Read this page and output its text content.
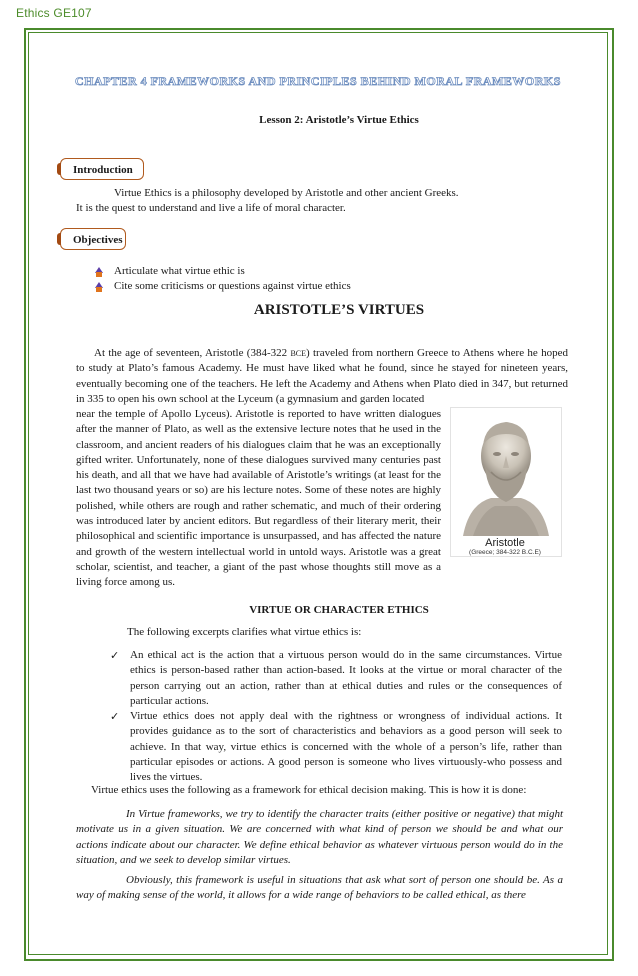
Ethics GE107
CHAPTER 4 FRAMEWORKS AND PRINCIPLES BEHIND MORAL FRAMEWORKS
Lesson 2: Aristotle’s Virtue Ethics
Introduction
Virtue Ethics is a philosophy developed by Aristotle and other ancient Greeks.
It is the quest to understand and live a life of moral character.
Objectives
Articulate what virtue ethic is
Cite some criticisms or questions against virtue ethics
ARISTOTLE’S VIRTUES
At the age of seventeen, Aristotle (384-322 BCE) traveled from northern Greece to Athens where he hoped to study at Plato’s famous Academy. He must have liked what he found, since he stayed for nineteen years, eventually becoming one of the teachers. He left the Academy and Athens when Plato died in 347, but returned in 335 to open his own school at the Lyceum (a gymnasium and garden located
near the temple of Apollo Lyceus). Aristotle is reported to have written dialogues after the manner of Plato, as well as the extensive lecture notes that he used in the classroom, and ancient readers of his dialogues claim that he was an exceptionally gifted writer. Unfortunately, none of these dialogues survived many centuries past his death, and all that we have had available of Aristotle’s writings (at least for the last two thousand years or so) are his lecture notes. Some of these notes are highly polished, while others are rough and rather schematic, and much of their ordering was introduced later by ancient editors. But regardless of their literary merit, their philosophical and scientific importance is unsurpassed, and has affected the nature and growth of the western intellectual world in untold ways. Aristotle was a great scholar, scientist, and teacher, a giant of the past whose thoughts still move as a living force among us.
Aristotle
(Greece; 384-322 B.C.E)
VIRTUE OR CHARACTER ETHICS
The following excerpts clarifies what virtue ethics is:
✓ An ethical act is the action that a virtuous person would do in the same circumstances. Virtue ethics is person-based rather than action-based. It looks at the virtue or moral character of the person carrying out an action, rather than at ethical duties and rules or the consequences of particular actions.
✓ Virtue ethics does not apply deal with the rightness or wrongness of individual actions. It provides guidance as to the sort of characteristics and behaviors as a good person will seek to achieve. In that way, virtue ethics is concerned with the whole of a person’s life, rather than particular episodes or actions. A good person is someone who lives virtuously-who possess and lives the virtues.
Virtue ethics uses the following as a framework for ethical decision making. This is how it is done:
In Virtue frameworks, we try to identify the character traits (either positive or negative) that might motivate us in a given situation. We are concerned with what kind of person we should be and what our actions indicate about our character. We define ethical behavior as whatever virtuous person would do in the situation, and we seek to develop similar virtues.
Obviously, this framework is useful in situations that ask what sort of person one should be. As a way of making sense of the world, it allows for a wide range of behaviors to be called ethical, as there
